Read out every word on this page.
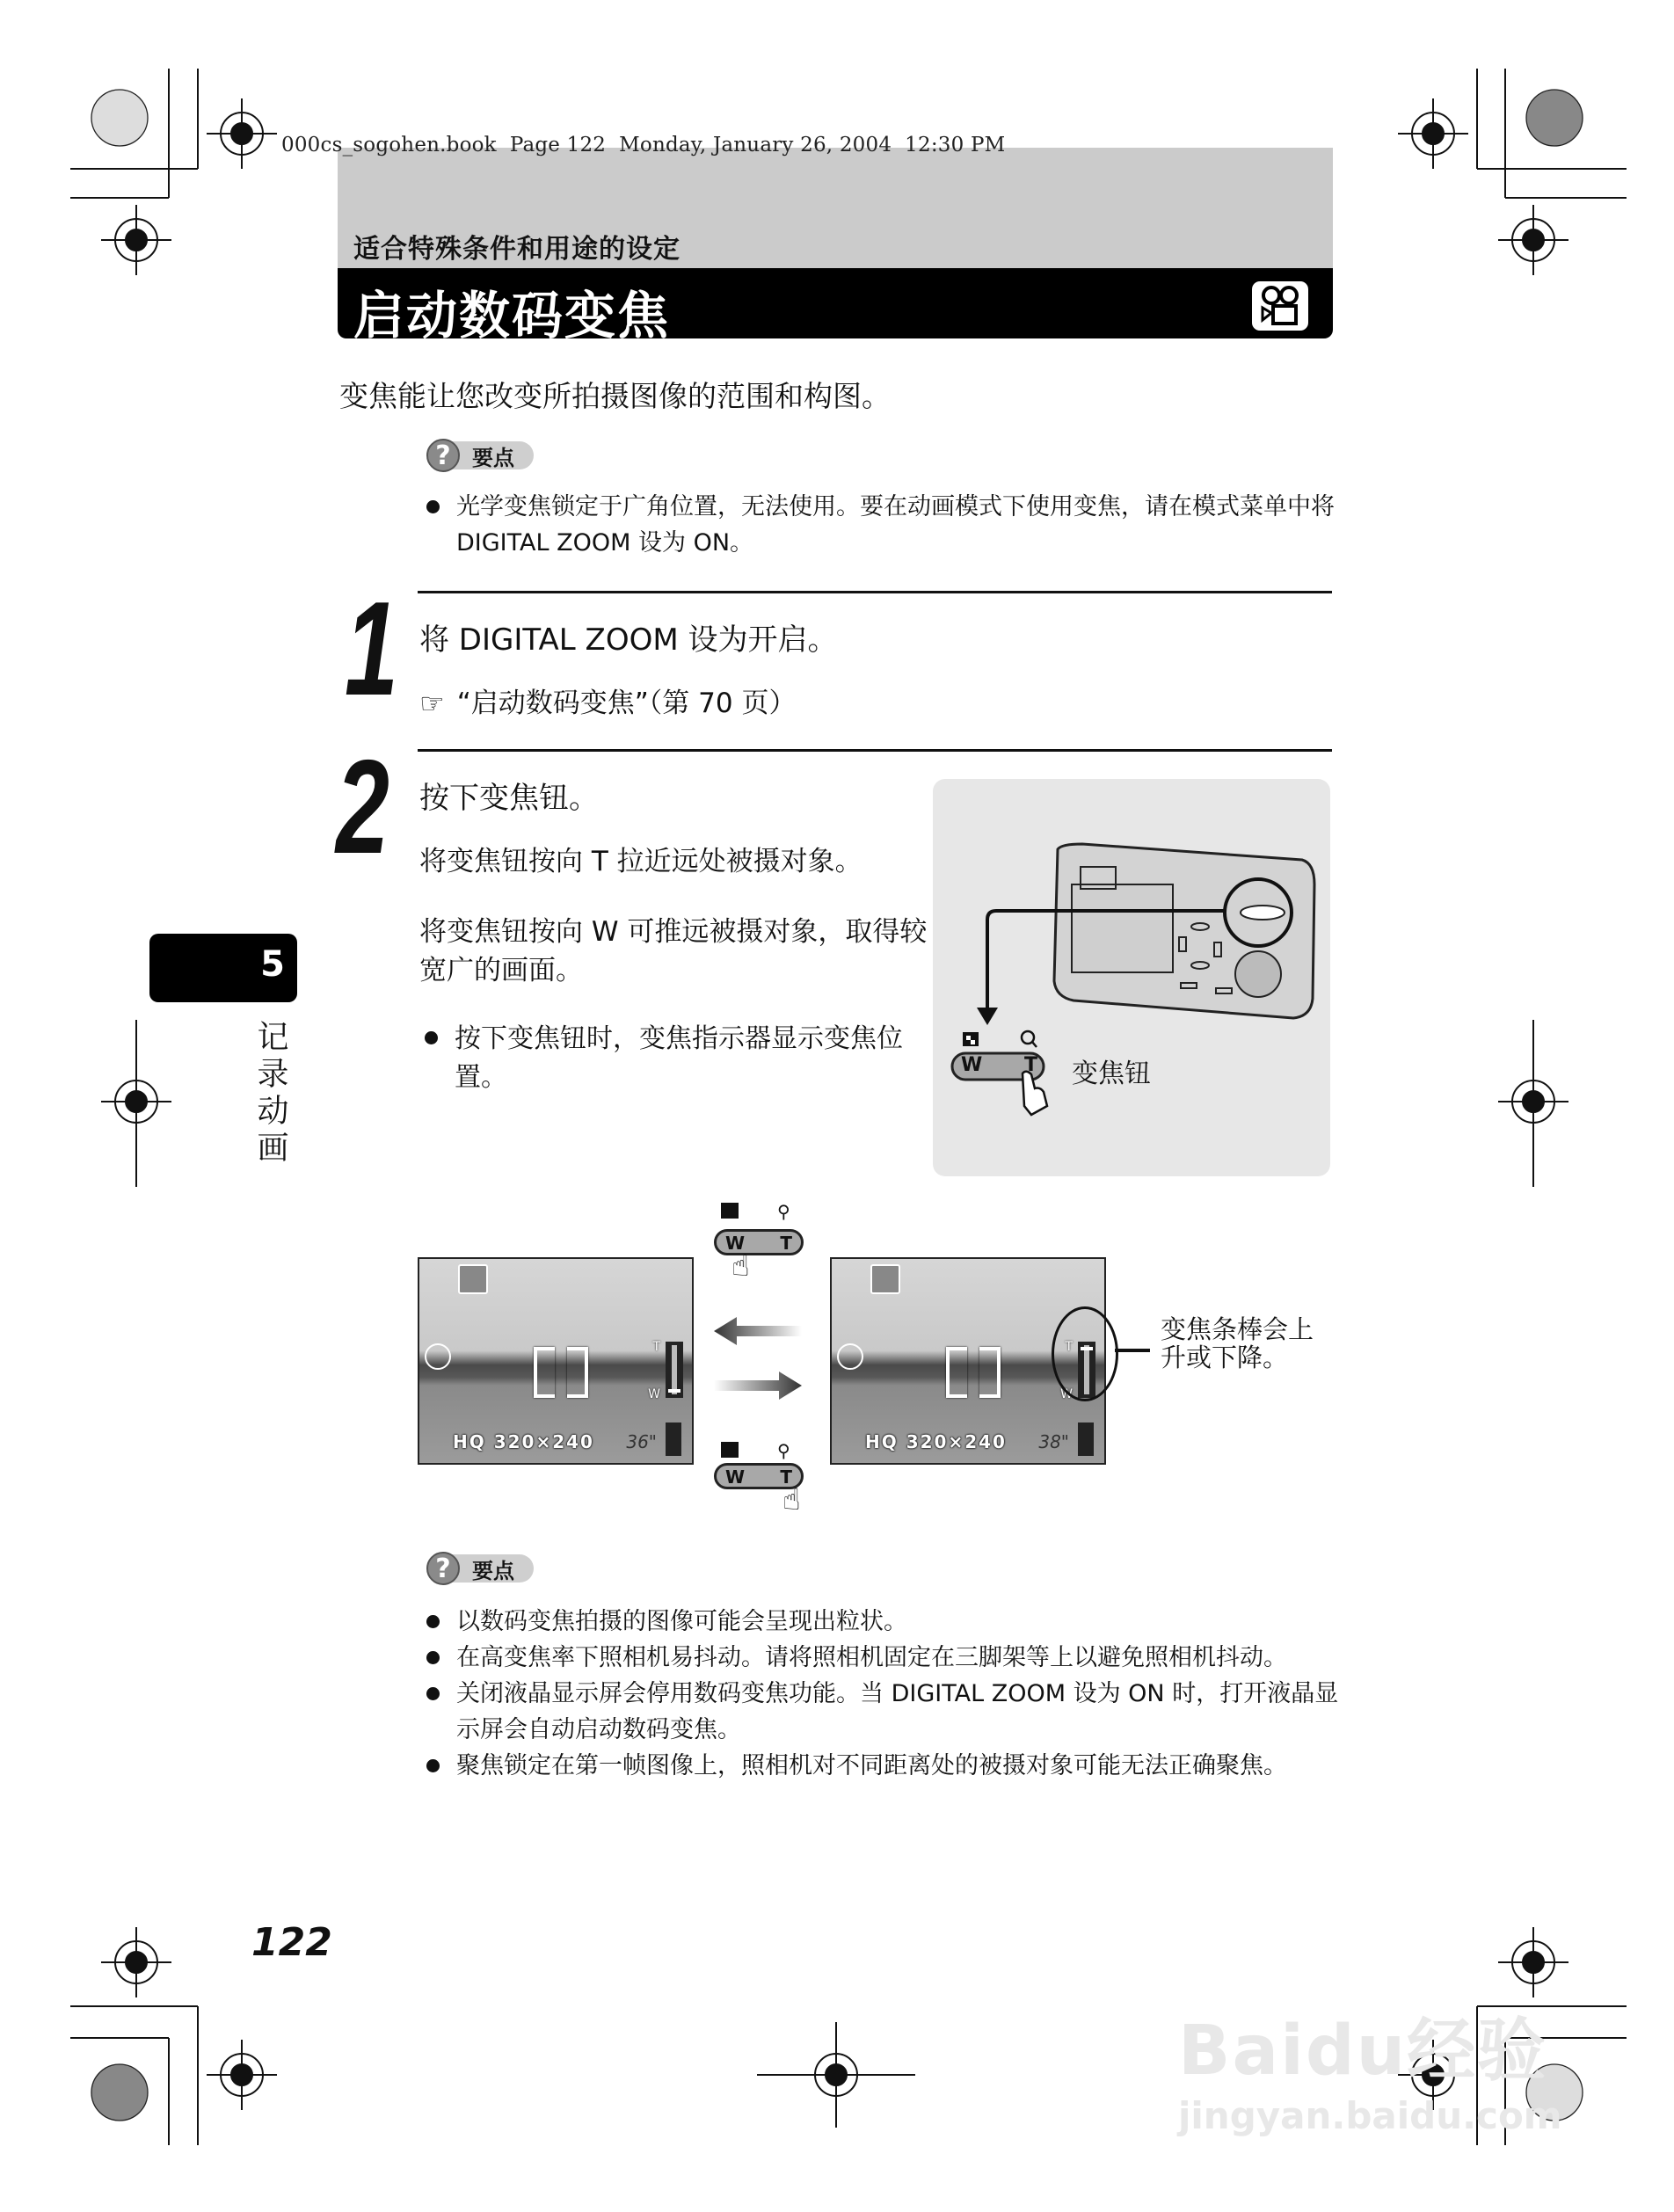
000cs_sogohen.book  Page 122  Monday, January 26, 2004  12:30 PM
适合特殊条件和用途的设定
启动数码变焦
变焦能让您改变所拍摄图像的范围和构图。
?	要点
光学变焦锁定于广角位置，无法使用。要在动画模式下使用变焦，请在模式菜单中将 DIGITAL ZOOM 设为 ON。
1 将 DIGITAL ZOOM 设为开启。
☞ “启动数码变焦”（第 70 页）
2 按下变焦钮。
将变焦钮按向 T 拉近远处被摄对象。
将变焦钮按向 W 可推远被摄对象，取得较宽广的画面。
按下变焦钮时，变焦指示器显示变焦位置。	W T 变焦钮
5
记录动画
⚲
W T
☝
T
W
HQ 320×240 36"	⚲
W T
☝
T
W
HQ 320×240 38"
变焦条棒会上升或下降。
?	要点
以数码变焦拍摄的图像可能会呈现出粒状。
在高变焦率下照相机易抖动。请将照相机固定在三脚架等上以避免照相机抖动。
关闭液晶显示屏会停用数码变焦功能。当 DIGITAL ZOOM 设为 ON 时，打开液晶显示屏会自动启动数码变焦。
聚焦锁定在第一帧图像上，照相机对不同距离处的被摄对象可能无法正确聚焦。
122
Baidu经验
jingyan.baidu.com
